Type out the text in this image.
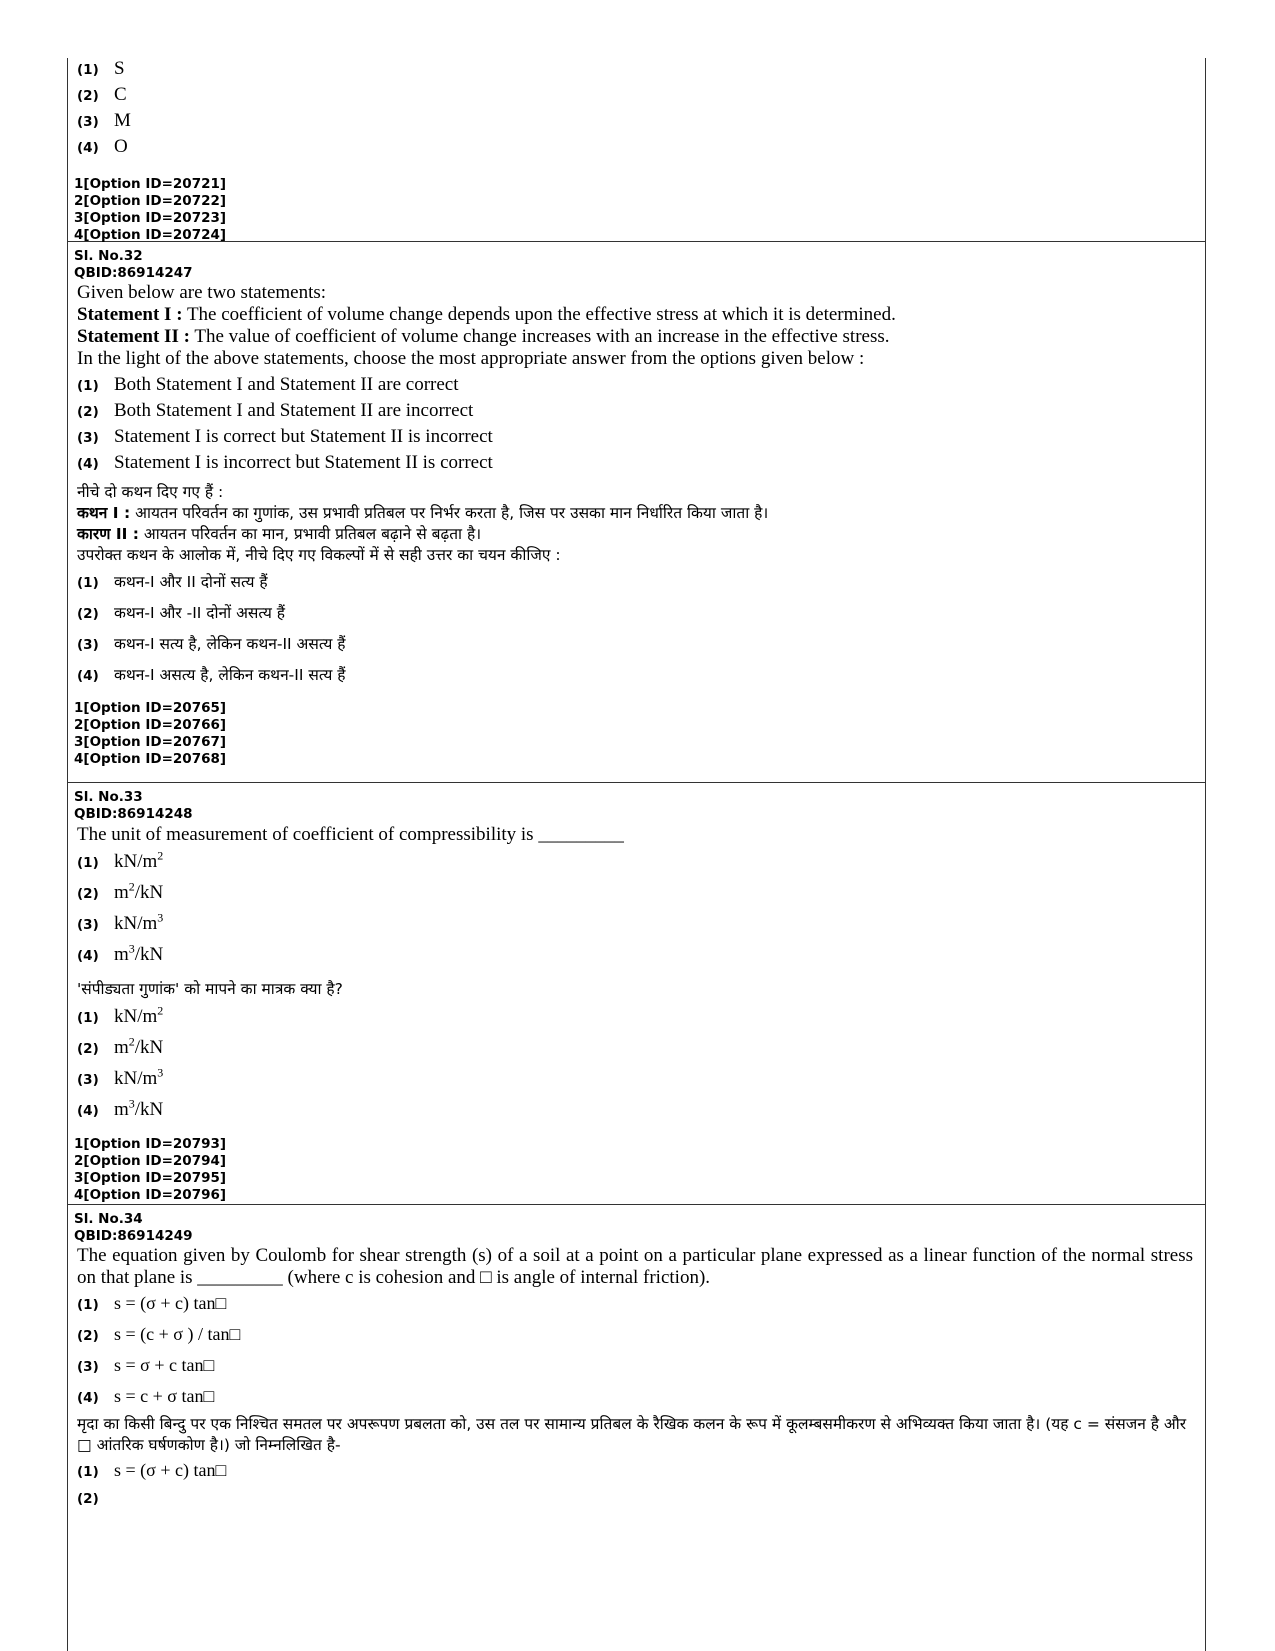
(1) S
(2) C
(3) M
(4) O
1[Option ID=20721]
2[Option ID=20722]
3[Option ID=20723]
4[Option ID=20724]
Sl. No.32
QBID:86914247
Given below are two statements:
Statement I : The coefficient of volume change depends upon the effective stress at which it is determined.
Statement II : The value of coefficient of volume change increases with an increase in the effective stress.
In the light of the above statements, choose the most appropriate answer from the options given below :
(1) Both Statement I and Statement II are correct
(2) Both Statement I and Statement II are incorrect
(3) Statement I is correct but Statement II is incorrect
(4) Statement I is incorrect but Statement II is correct
नीचे दो कथन दिए गए हैं :
कथन I : आयतन परिवर्तन का गुणांक, उस प्रभावी प्रतिबल पर निर्भर करता है, जिस पर उसका मान निर्धारित किया जाता है।
कारण II : आयतन परिवर्तन का मान, प्रभावी प्रतिबल बढ़ाने से बढ़ता है।
उपरोक्त कथन के आलोक में, नीचे दिए गए विकल्पों में से सही उत्तर का चयन कीजिए :
(1) कथन-I और II दोनों सत्य हैं
(2) कथन-I और -II दोनों असत्य हैं
(3) कथन-I सत्य है, लेकिन कथन-II असत्य हैं
(4) कथन-I असत्य है, लेकिन कथन-II सत्य हैं
1[Option ID=20765]
2[Option ID=20766]
3[Option ID=20767]
4[Option ID=20768]
Sl. No.33
QBID:86914248
The unit of measurement of coefficient of compressibility is _________
(1) $kN/m^2$
(2) $m^2/kN$
(3) $kN/m^3$
(4) $m^3/kN$
'संपीड्यता गुणांक' को मापने का मात्रक क्या है?
(1) $kN/m^2$
(2) $m^2/kN$
(3) $kN/m^3$
(4) $m^3/kN$
1[Option ID=20793]
2[Option ID=20794]
3[Option ID=20795]
4[Option ID=20796]
Sl. No.34
QBID:86914249
The equation given by Coulomb for shear strength (s) of a soil at a point on a particular plane expressed as a linear function of the normal stress on that plane is _________ (where c is cohesion and □ is angle of internal friction).
(1) s = (σ + c) tan□
(2) s = (c + σ ) / tan□
(3) s = σ + c tan□
(4) s = c + σ tan□
मृदा का किसी बिन्दु पर एक निश्चित समतल पर अपरूपण प्रबलता को, उस तल पर सामान्य प्रतिबल के रैखिक कलन के रूप में कूलम्बसमीकरण से अभिव्यक्त किया जाता है। (यह c = संसजन है और □ आंतरिक घर्षणकोण है।) जो निम्नलिखित है-
(1) s = (σ + c) tan□
(2)
